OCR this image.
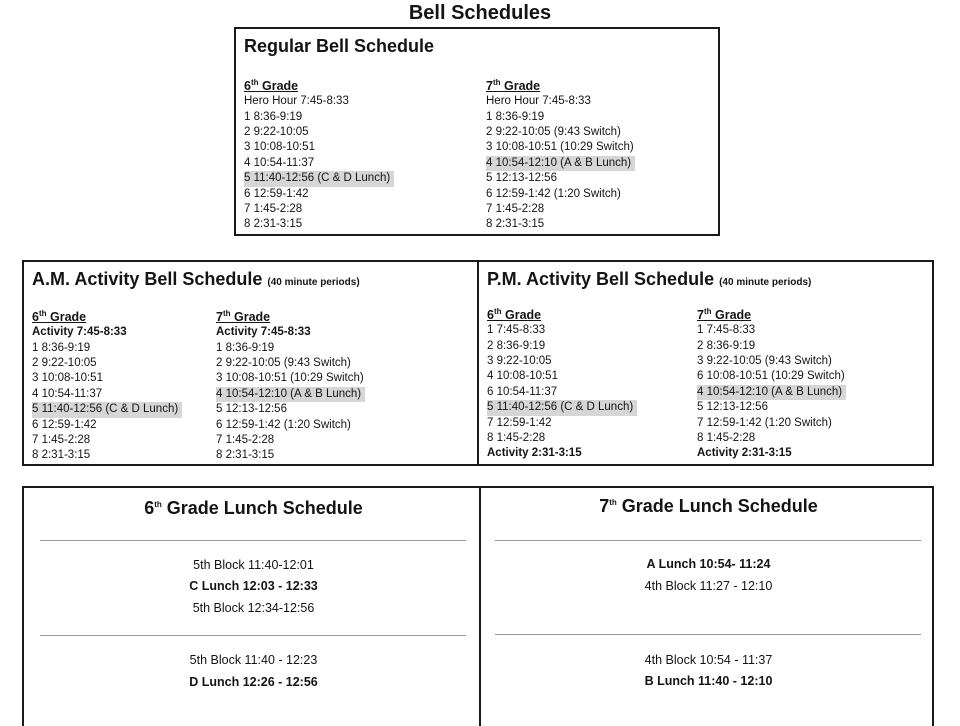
Bell Schedules
Regular Bell Schedule
6th Grade
Hero Hour 7:45-8:33
1 8:36-9:19
2 9:22-10:05
3 10:08-10:51
4 10:54-11:37
5 11:40-12:56 (C & D Lunch)
6 12:59-1:42
7 1:45-2:28
8 2:31-3:15
7th Grade
Hero Hour 7:45-8:33
1 8:36-9:19
2 9:22-10:05 (9:43 Switch)
3 10:08-10:51 (10:29 Switch)
4 10:54-12:10 (A & B Lunch)
5 12:13-12:56
6 12:59-1:42 (1:20 Switch)
7 1:45-2:28
8 2:31-3:15
A.M. Activity Bell Schedule (40 minute periods)
6th Grade
Activity 7:45-8:33
1 8:36-9:19
2 9:22-10:05
3 10:08-10:51
4 10:54-11:37
5 11:40-12:56 (C & D Lunch)
6 12:59-1:42
7 1:45-2:28
8 2:31-3:15
7th Grade
Activity 7:45-8:33
1 8:36-9:19
2 9:22-10:05 (9:43 Switch)
3 10:08-10:51 (10:29 Switch)
4 10:54-12:10 (A & B Lunch)
5 12:13-12:56
6 12:59-1:42 (1:20 Switch)
7 1:45-2:28
8 2:31-3:15
P.M. Activity Bell Schedule (40 minute periods)
6th Grade
1 7:45-8:33
2 8:36-9:19
3 9:22-10:05
4 10:08-10:51
6 10:54-11:37
5 11:40-12:56 (C & D Lunch)
7 12:59-1:42
8 1:45-2:28
Activity 2:31-3:15
7th Grade
1 7:45-8:33
2 8:36-9:19
3 9:22-10:05 (9:43 Switch)
6 10:08-10:51 (10:29 Switch)
4 10:54-12:10 (A & B Lunch)
5 12:13-12:56
7 12:59-1:42 (1:20 Switch)
8 1:45-2:28
Activity 2:31-3:15
6th Grade Lunch Schedule
5th Block 11:40-12:01
C Lunch 12:03 - 12:33
5th Block 12:34-12:56
5th Block 11:40 - 12:23
D Lunch 12:26 - 12:56
7th Grade Lunch Schedule
A Lunch 10:54- 11:24
4th Block 11:27 - 12:10
4th Block 10:54 - 11:37
B Lunch 11:40 - 12:10
